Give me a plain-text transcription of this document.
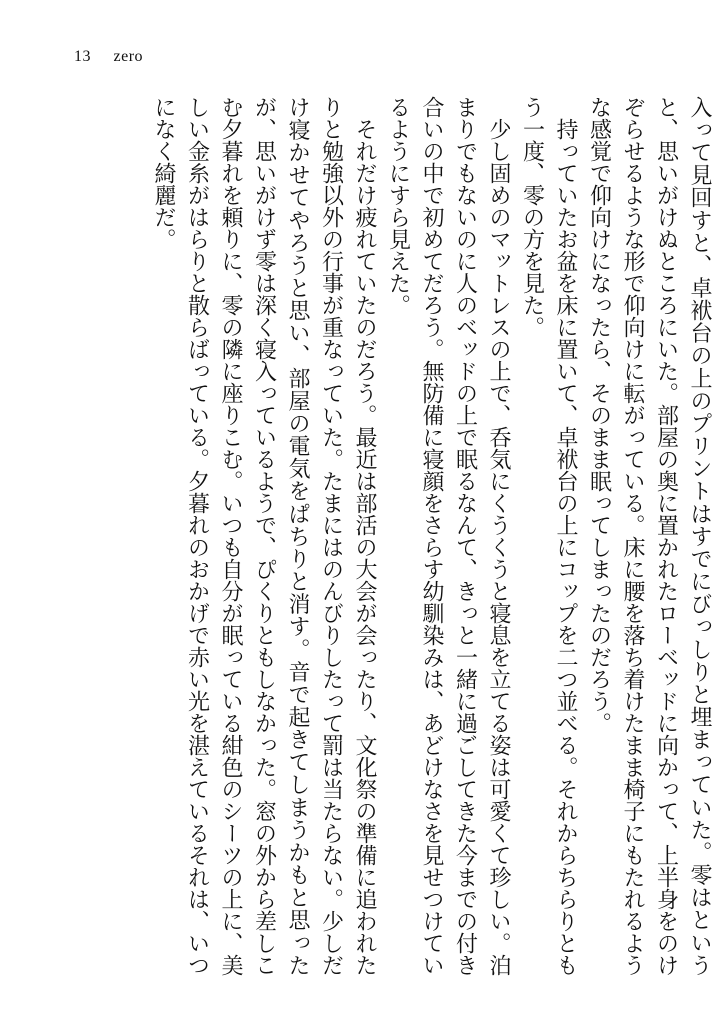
13 zero

入って見回すと、卓袱台の上のプリントはすでにびっしりと埋まっていた。零はというと、思いがけぬところにいた。部屋の奥に置かれたローベッドに向かって、上半身をのけぞらせるような形で仰向けに転がっている。床に腰を落ち着けたまま椅子にもたれるような感覚で仰向けになったら、そのまま眠ってしまったのだろう。

　持っていたお盆を床に置いて、卓袱台の上にコップを二つ並べる。それからちらりともう一度、零の方を見た。

　少し固めのマットレスの上で、呑気にくうくうと寝息を立てる姿は可愛くて珍しい。泊まりでもないのに人のベッドの上で眠るなんて、きっと一緒に過ごしてきた今までの付き合いの中で初めてだろう。無防備に寝顔をさらす幼馴染みは、あどけなさを見せつけているようにすら見えた。

　それだけ疲れていたのだろう。最近は部活の大会が会ったり、文化祭の準備に追われたりと勉強以外の行事が重なっていた。たまにはのんびりしたって罰は当たらない。少しだけ寝かせてやろうと思い、部屋の電気をぱちりと消す。音で起きてしまうかもと思ったが、思いがけず零は深く寝入っているようで、ぴくりともしなかった。窓の外から差しこむ夕暮れを頼りに、零の隣に座りこむ。いつも自分が眠っている紺色のシーツの上に、美しい金糸がはらりと散らばっている。夕暮れのおかげで赤い光を湛えているそれは、いつになく綺麗だ。
